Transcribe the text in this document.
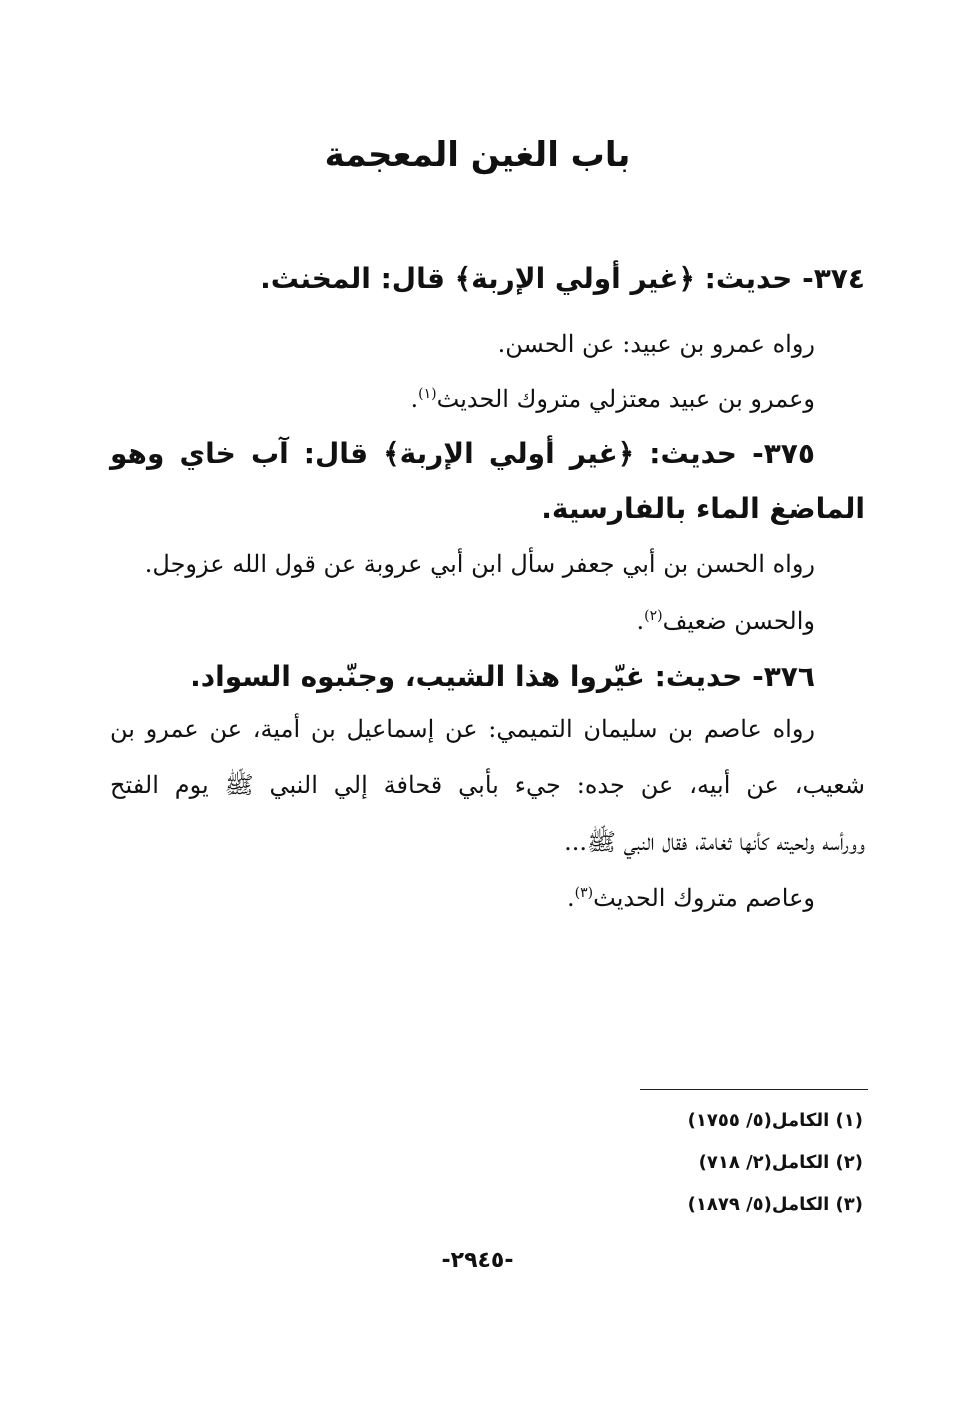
باب الغين المعجمة
٣٧٤- حديث: ﴿غير أولي الإربة﴾ قال: المخنث.
رواه عمرو بن عبيد: عن الحسن.
وعمرو بن عبيد معتزلي متروك الحديث$^{(١)}$.
٣٧٥- حديث: ﴿غير أولي الإربة﴾ قال: آب خاي وهو
الماضغ الماء بالفارسية.
رواه الحسن بن أبي جعفر سأل ابن أبي عروبة عن قول الله عزوجل.
والحسن ضعيف$^{(٢)}$.
٣٧٦- حديث: غيّروا هذا الشيب، وجنّبوه السواد.
رواه عاصم بن سليمان التميمي: عن إسماعيل بن أمية، عن عمرو بن
شعيب، عن أبيه، عن جده: جيء بأبي قحافة إلي النبي ﷺ يوم الفتح
وورأسه ولحيته كأنها ثغامة، فقال النبي ﷺ...
وعاصم متروك الحديث$^{(٣)}$.
(١) الكامل(٥/ ١٧٥٥)
(٢) الكامل(٢/ ٧١٨)
(٣) الكامل(٥/ ١٨٧٩)
-٢٩٤٥-
